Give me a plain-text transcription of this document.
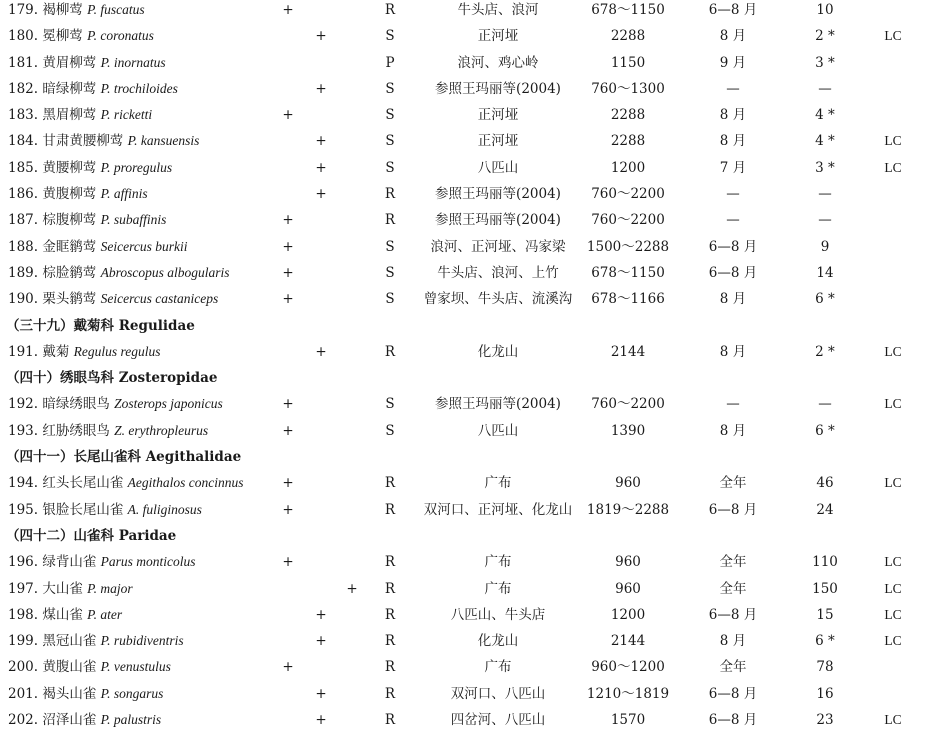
179. 褐柳莺 P. fuscatus	+	R	牛头店、浪河	678～1150	6—8 月	10
180. 冕柳莺 P. coronatus	+	S	正河垭	2288	8 月	2 *	LC
181. 黄眉柳莺 P. inornatus	P	浪河、鸡心岭	1150	9 月	3 *
182. 暗绿柳莺 P. trochiloides	+	S	参照王玛丽等(2004)	760～1300	—	—
183. 黑眉柳莺 P. ricketti	+	S	正河垭	2288	8 月	4 *
184. 甘肃黄腰柳莺 P. kansuensis	+	S	正河垭	2288	8 月	4 *	LC
185. 黄腰柳莺 P. proregulus	+	S	八匹山	1200	7 月	3 *	LC
186. 黄腹柳莺 P. affinis	+	R	参照王玛丽等(2004)	760～2200	—	—
187. 棕腹柳莺 P. subaffinis	+	R	参照王玛丽等(2004)	760～2200	—	—
188. 金眶鹟莺 Seicercus burkii	+	S	浪河、正河垭、冯家梁	1500～2288	6—8 月	9
189. 棕脸鹟莺 Abroscopus albogularis	+	S	牛头店、浪河、上竹	678～1150	6—8 月	14
190. 栗头鹟莺 Seicercus castaniceps	+	S	曾家坝、牛头店、流溪沟	678～1166	8 月	6 *
（三十九）戴菊科 Regulidae
191. 戴菊 Regulus regulus	+	R	化龙山	2144	8 月	2 *	LC
（四十）绣眼鸟科 Zosteropidae
192. 暗绿绣眼鸟 Zosterops japonicus	+	S	参照王玛丽等(2004)	760～2200	—	—	LC
193. 红胁绣眼鸟 Z. erythropleurus	+	S	八匹山	1390	8 月	6 *
（四十一）长尾山雀科 Aegithalidae
194. 红头长尾山雀 Aegithalos concinnus	+	R	广布	960	全年	46	LC
195. 银脸长尾山雀 A. fuliginosus	+	R	双河口、正河垭、化龙山	1819～2288	6—8 月	24
（四十二）山雀科 Paridae
196. 绿背山雀 Parus monticolus	+	R	广布	960	全年	110	LC
197. 大山雀 P. major	+ R	广布	960	全年	150	LC
198. 煤山雀 P. ater	+	R	八匹山、牛头店	1200	6—8 月	15	LC
199. 黑冠山雀 P. rubidiventris	+	R	化龙山	2144	8 月	6 *	LC
200. 黄腹山雀 P. venustulus	+	R	广布	960～1200	全年	78
201. 褐头山雀 P. songarus	+	R	双河口、八匹山	1210～1819	6—8 月	16
202. 沼泽山雀 P. palustris	+	R	四岔河、八匹山	1570	6—8 月	23	LC
